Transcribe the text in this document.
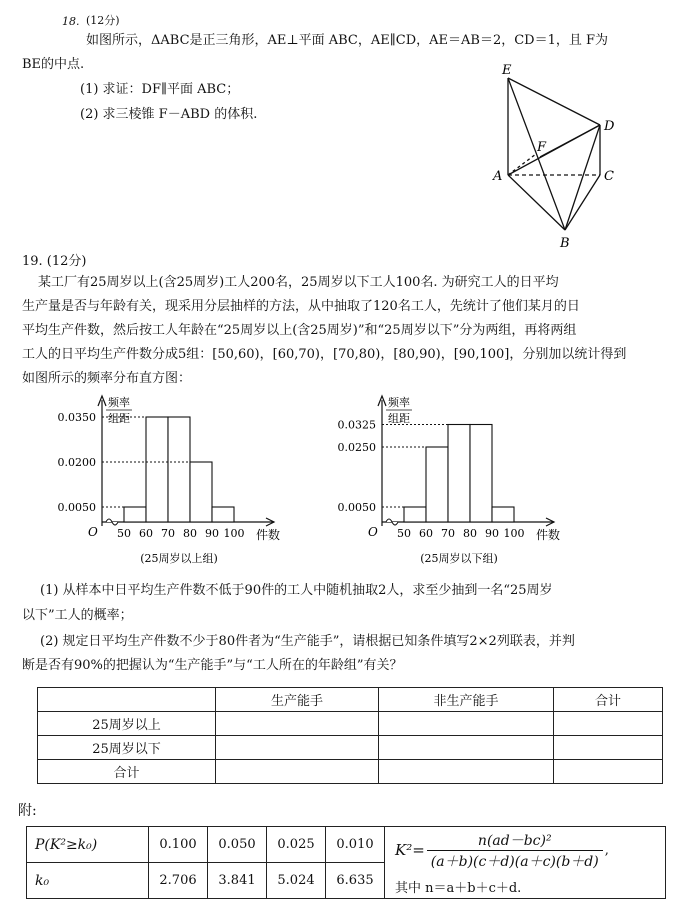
18. (12分)
如图所示，ΔABC是正三角形，AE⊥平面 ABC，AE∥CD，AE＝AB＝2，CD＝1，且 F为
BE的中点.
(1) 求证：DF∥平面 ABC；
(2) 求三棱锥 F－ABD 的体积.
E
D
F
A	C
B
19. (12分)
某工厂有25周岁以上(含25周岁)工人200名，25周岁以下工人100名. 为研究工人的日平均
生产量是否与年龄有关，现采用分层抽样的方法，从中抽取了120名工人，先统计了他们某月的日
平均生产件数，然后按工人年龄在“25周岁以上(含25周岁)”和“25周岁以下”分为两组，再将两组
工人的日平均生产件数分成5组：[50,60)，[60,70)，[70,80)，[80,90)，[90,100]，分别加以统计得到
如图所示的频率分布直方图：
频率
组距
O
0.0050
0.0200
0.0350
50 60 70 80 90 100 件数
(25周岁以上组)
频率
组距
O
0.0050
0.0250
0.0325
50 60 70 80 90 100 件数
(25周岁以下组)
(1) 从样本中日平均生产件数不低于90件的工人中随机抽取2人，求至少抽到一名“25周岁
以下”工人的概率；
(2) 规定日平均生产件数不少于80件者为“生产能手”，请根据已知条件填写2×2列联表，并判
断是否有90%的把握认为“生产能手”与“工人所在的年龄组”有关？
	生产能手	非生产能手	合计
25周岁以上			
25周岁以下			
合计			
附:
P(K²≥k₀)	0.100	0.050	0.025	0.010	K²=
n(ad－bc)²
(a＋b)(c＋d)(a＋c)(b＋d)
,
其中 n＝a＋b＋c＋d.

k₀	2.706	3.841	5.024	6.635	
